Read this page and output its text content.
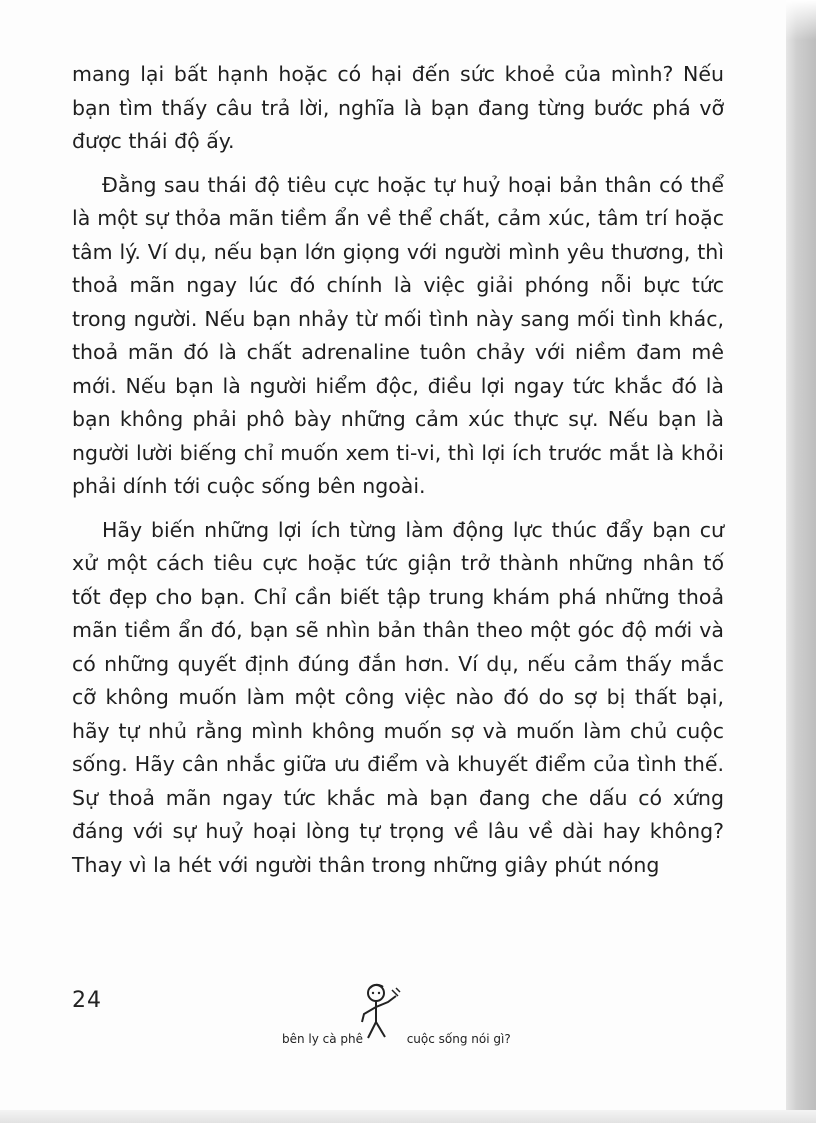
mang lại bất hạnh hoặc có hại đến sức khoẻ của mình? Nếu bạn tìm thấy câu trả lời, nghĩa là bạn đang từng bước phá vỡ được thái độ ấy.

Đằng sau thái độ tiêu cực hoặc tự huỷ hoại bản thân có thể là một sự thỏa mãn tiềm ẩn về thể chất, cảm xúc, tâm trí hoặc tâm lý. Ví dụ, nếu bạn lớn giọng với người mình yêu thương, thì thoả mãn ngay lúc đó chính là việc giải phóng nỗi bực tức trong người. Nếu bạn nhảy từ mối tình này sang mối tình khác, thoả mãn đó là chất adrenaline tuôn chảy với niềm đam mê mới. Nếu bạn là người hiểm độc, điều lợi ngay tức khắc đó là bạn không phải phô bày những cảm xúc thực sự. Nếu bạn là người lười biếng chỉ muốn xem ti-vi, thì lợi ích trước mắt là khỏi phải dính tới cuộc sống bên ngoài.

Hãy biến những lợi ích từng làm động lực thúc đẩy bạn cư xử một cách tiêu cực hoặc tức giận trở thành những nhân tố tốt đẹp cho bạn. Chỉ cần biết tập trung khám phá những thoả mãn tiềm ẩn đó, bạn sẽ nhìn bản thân theo một góc độ mới và có những quyết định đúng đắn hơn. Ví dụ, nếu cảm thấy mắc cỡ không muốn làm một công việc nào đó do sợ bị thất bại, hãy tự nhủ rằng mình không muốn sợ và muốn làm chủ cuộc sống. Hãy cân nhắc giữa ưu điểm và khuyết điểm của tình thế. Sự thoả mãn ngay tức khắc mà bạn đang che dấu có xứng đáng với sự huỷ hoại lòng tự trọng về lâu về dài hay không? Thay vì la hét với người thân trong những giây phút nóng

24
bên ly cà phê	cuộc sống nói gì?
